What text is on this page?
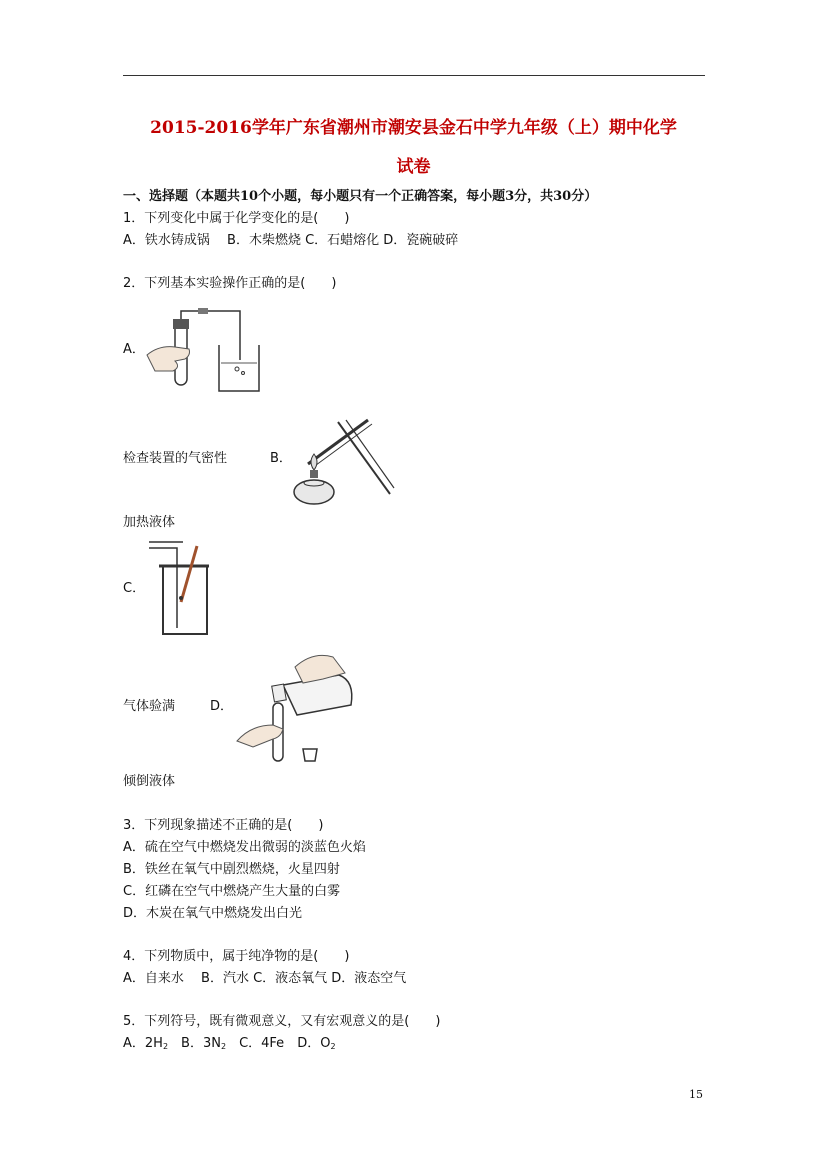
2015-2016学年广东省潮州市潮安县金石中学九年级（上）期中化学
试卷
一、选择题（本题共10个小题，每小题只有一个正确答案，每小题3分，共30分）
1．下列变化中属于化学变化的是(　　)
A．铁水铸成锅　 B．木柴燃烧 C．石蜡熔化 D．瓷碗破碎
2．下列基本实验操作正确的是(　　)
A．
检查装置的气密性	B．
加热液体
C．
气体验满	D．
倾倒液体
3．下列现象描述不正确的是(　　)
A．硫在空气中燃烧发出微弱的淡蓝色火焰
B．铁丝在氧气中剧烈燃烧，火星四射
C．红磷在空气中燃烧产生大量的白雾
D．木炭在氧气中燃烧发出白光
4．下列物质中，属于纯净物的是(　　)
A．自来水　 B．汽水 C．液态氧气 D．液态空气
5．下列符号，既有微观意义，又有宏观意义的是(　　)
A．$2H_2$　B．$3N_2$　C．4Fe　D．$O_2$
15
